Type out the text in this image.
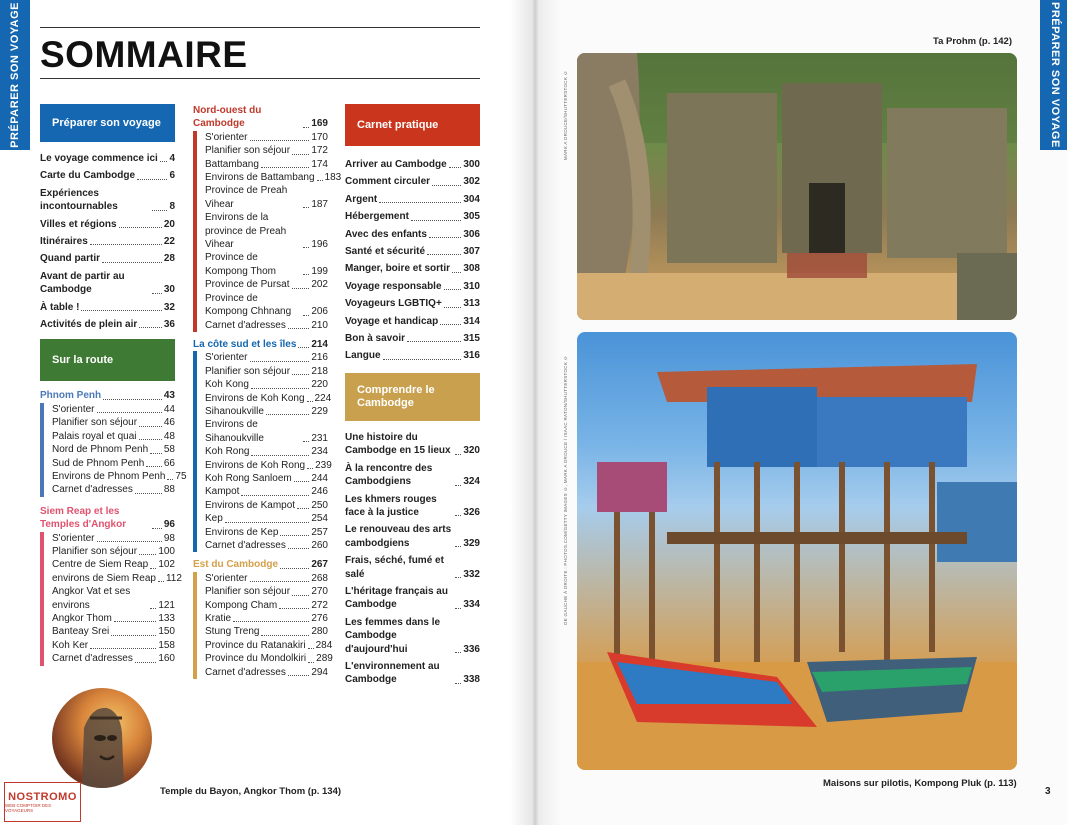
PRÉPARER SON VOYAGE SOMMAIRE
Préparer son voyage
Le voyage commence ici 4
Carte du Cambodge	6
Expériences incontournables	8
Villes et régions	20
Itinéraires	22
Quand partir	28
Avant de partir au Cambodge	30
À table !	32
Activités de plein air	36
Sur la route
Phnom Penh	43
S'orienter	44
Planifier son séjour	46
Palais royal et quai	48
Nord de Phnom Penh 58
Sud de Phnom Penh 66
Environs de Phnom Penh 75
Carnet d'adresses	88
Siem Reap et les Temples d'Angkor	96
S'orienter	98
Planifier son séjour 100
Centre de Siem Reap 102
environs de Siem Reap 112
Angkor Vat et ses environs	121
Angkor Thom	133
Banteay Srei	150
Koh Ker	158
Carnet d'adresses	160
Nord-ouest du Cambodge	169
S'orienter	170
Planifier son séjour 172
Battambang	174
Environs de Battambang 183
Province de Preah Vihear	187
Environs de la province de Preah Vihear	196
Province de Kompong Thom	199
Province de Pursat 202
Province de Kompong Chhnang	206
Carnet d'adresses	210
La côte sud et les îles 214
S'orienter	216
Planifier son séjour 218
Koh Kong	220
Environs de Koh Kong 224
Sihanoukville	229
Environs de Sihanoukville	231
Koh Rong	234
Environs de Koh Rong 239
Koh Rong Sanloem 244
Kampot	246
Environs de Kampot 250
Kep	254
Environs de Kep	257
Carnet d'adresses	260
Est du Cambodge	267
S'orienter	268
Planifier son séjour 270
Kompong Cham	272
Kratie	276
Stung Treng	280
Province du Ratanakiri 284
Province du Mondolkiri 289
Carnet d'adresses	294
Carnet pratique
Arriver au Cambodge 300
Comment circuler	302
Argent	304
Hébergement	305
Avec des enfants	306
Santé et sécurité	307
Manger, boire et sortir 308
Voyage responsable 310
Voyageurs LGBTIQ+ 313
Voyage et handicap	314
Bon à savoir	315
Langue	316
Comprendre le Cambodge
Une histoire du Cambodge en 15 lieux 320
À la rencontre des Cambodgiens	324
Les khmers rouges face à la justice	326
Le renouveau des arts cambodgiens	329
Frais, séché, fumé et salé	332
L'héritage français au Cambodge	334
Les femmes dans le Cambodge d'aujourd'hui	336
L'environnement au Cambodge	338
Temple du Bayon, Angkor Thom (p. 134)
NOSTROMO
WEB COMPTOIR DES VOYAGEURS
Ta Prohm (p. 142)
MARK A DROUCE/SHUTTERSTOCK ©
DE GAUCHE À DROITE : PHOTOS.COM/GETTY IMAGES ©, MARK A DROUCE / ISAAC RATON/SHUTTERSTOCK ©
Maisons sur pilotis, Kompong Pluk (p. 113)
3
PRÉPARER SON VOYAGE
